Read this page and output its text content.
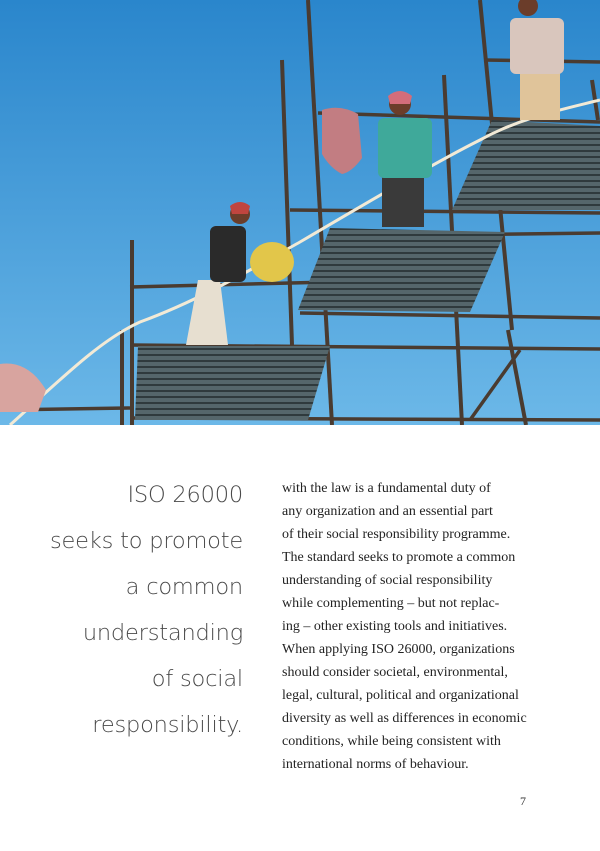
ISO 26000
seeks to promote
a common
understanding
of social
responsibility.
with the law is a fundamental duty of
any organization and an essential part
of their social responsibility programme.
The standard seeks to promote a common
understanding of social responsibility
while complementing – but not replac-
ing – other existing tools and initiatives.
When applying ISO 26000, organizations
should consider societal, environmental,
legal, cultural, political and organizational
diversity as well as differences in economic
conditions, while being consistent with
international norms of behaviour.
7
